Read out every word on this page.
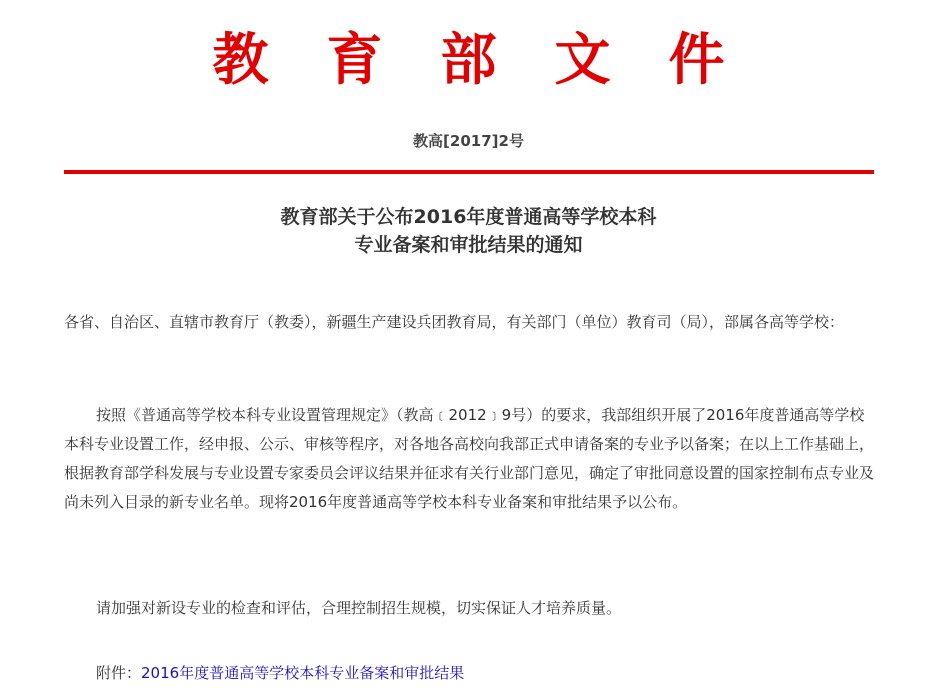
教育部文件
教高[2017]2号
教育部关于公布2016年度普通高等学校本科
专业备案和审批结果的通知
各省、自治区、直辖市教育厅（教委），新疆生产建设兵团教育局，有关部门（单位）教育司（局），部属各高等学校：
按照《普通高等学校本科专业设置管理规定》（教高﹝2012﹞9号）的要求，我部组织开展了2016年度普通高等学校本科专业设置工作，经申报、公示、审核等程序，对各地各高校向我部正式申请备案的专业予以备案；在以上工作基础上，根据教育部学科发展与专业设置专家委员会评议结果并征求有关行业部门意见，确定了审批同意设置的国家控制布点专业及尚未列入目录的新专业名单。现将2016年度普通高等学校本科专业备案和审批结果予以公布。
请加强对新设专业的检查和评估，合理控制招生规模，切实保证人才培养质量。
附件：2016年度普通高等学校本科专业备案和审批结果
